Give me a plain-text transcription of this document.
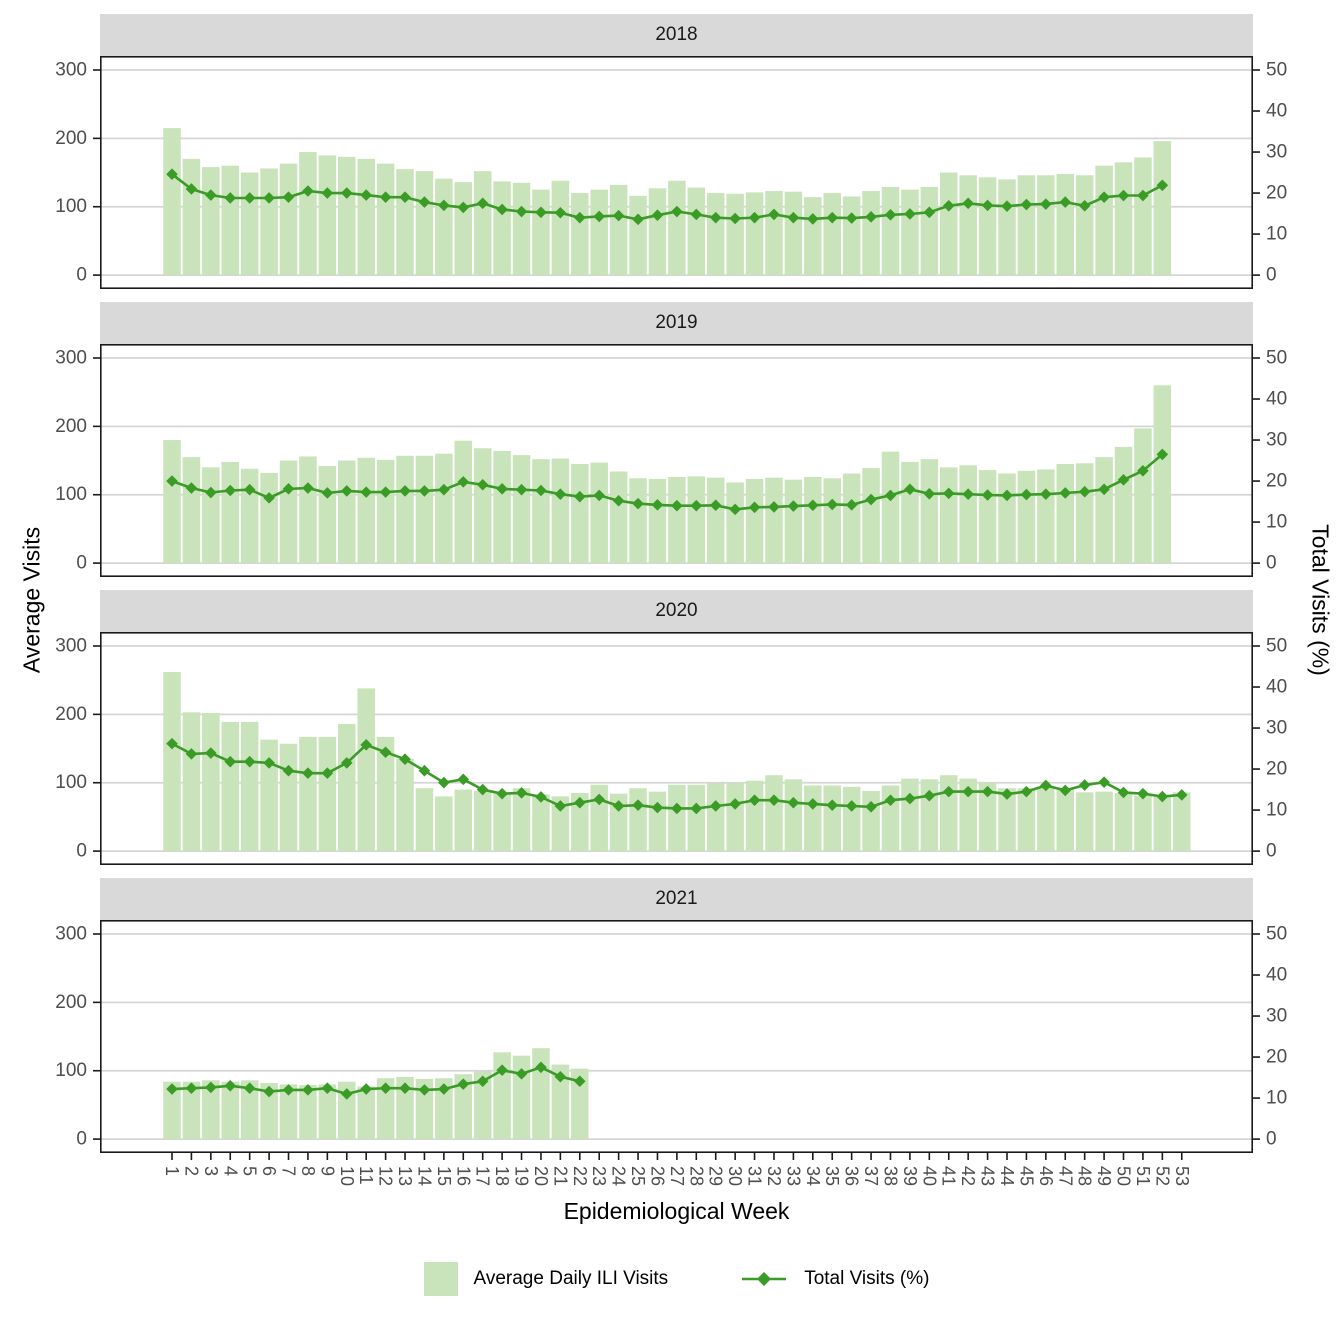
Average Visits	Total Visits (%)
2018
300
200
100
0
50
40
30
20
10
0
2019
300
200
100
0
50
40
30
20
10
0
2020
300
200
100
0
50
40
30
20
10
0
2021
300
200
100
0
50
40
30
20
10
0
1 2 3 4 5 6 7 8 9 10 11 12 13 14 15 16 17 18 19 20 21 22 23 24 25 26 27 28 29 30 31 32 33 34 35 36 37 38 39 40 41 42 43 44 45 46 47 48 49 50 51 52 53
Epidemiological Week
Average Daily ILI Visits	Total Visits (%)
